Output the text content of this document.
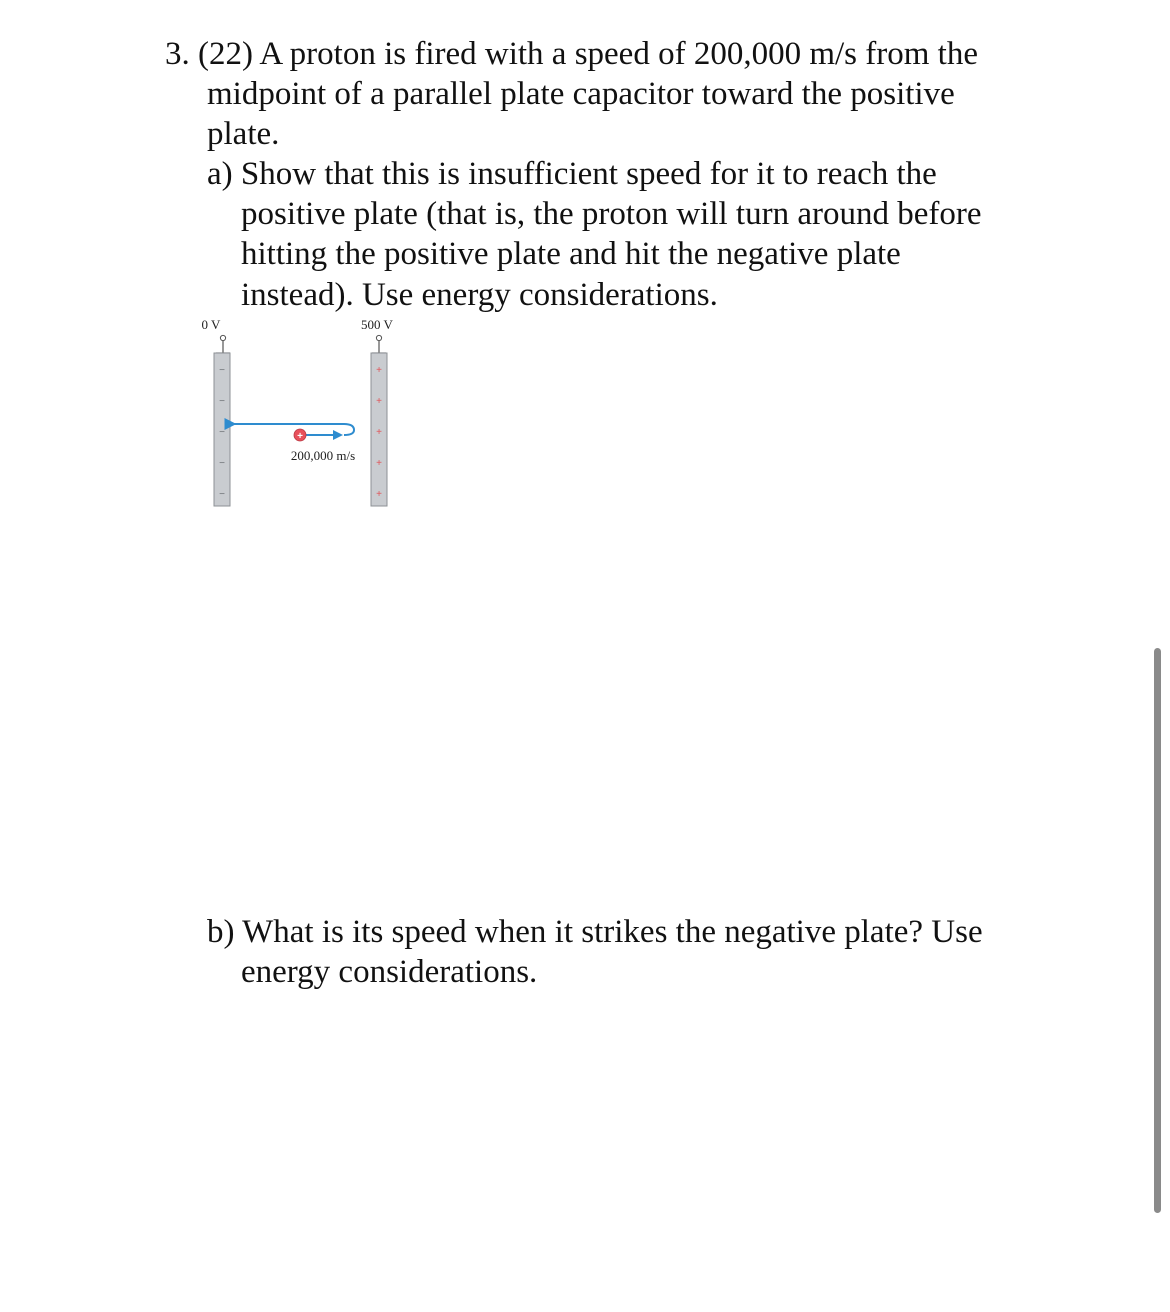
3. (22) A proton is fired with a speed of 200,000 m/s from the

midpoint of a parallel plate capacitor toward the positive

plate.

a) Show that this is insufficient speed for it to reach the

positive plate (that is, the proton will turn around before

hitting the positive plate and hit the negative plate

instead). Use energy considerations.

0 V	500 V
−
−
−
−
−
+
+
+
+
+
+
200,000 m/s

b) What is its speed when it strikes the negative plate? Use

energy considerations.
